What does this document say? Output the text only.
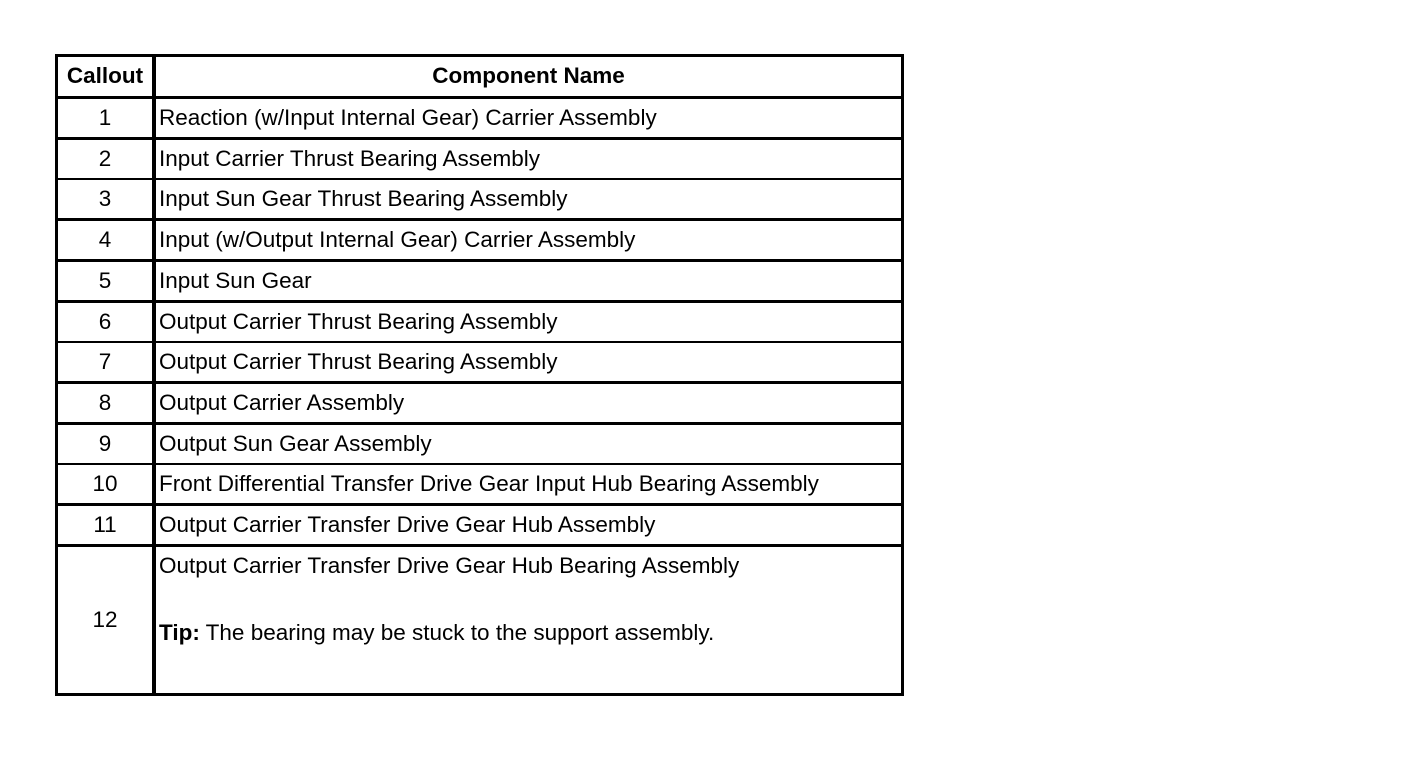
Callout	Component Name
1	Reaction (w/Input Internal Gear) Carrier Assembly
2	Input Carrier Thrust Bearing Assembly
3	Input Sun Gear Thrust Bearing Assembly
4	Input (w/Output Internal Gear) Carrier Assembly
5	Input Sun Gear
6	Output Carrier Thrust Bearing Assembly
7	Output Carrier Thrust Bearing Assembly
8	Output Carrier Assembly
9	Output Sun Gear Assembly
10	Front Differential Transfer Drive Gear Input Hub Bearing Assembly
11	Output Carrier Transfer Drive Gear Hub Assembly
12	Output Carrier Transfer Drive Gear Hub Bearing Assembly
Tip: The bearing may be stuck to the support assembly.
